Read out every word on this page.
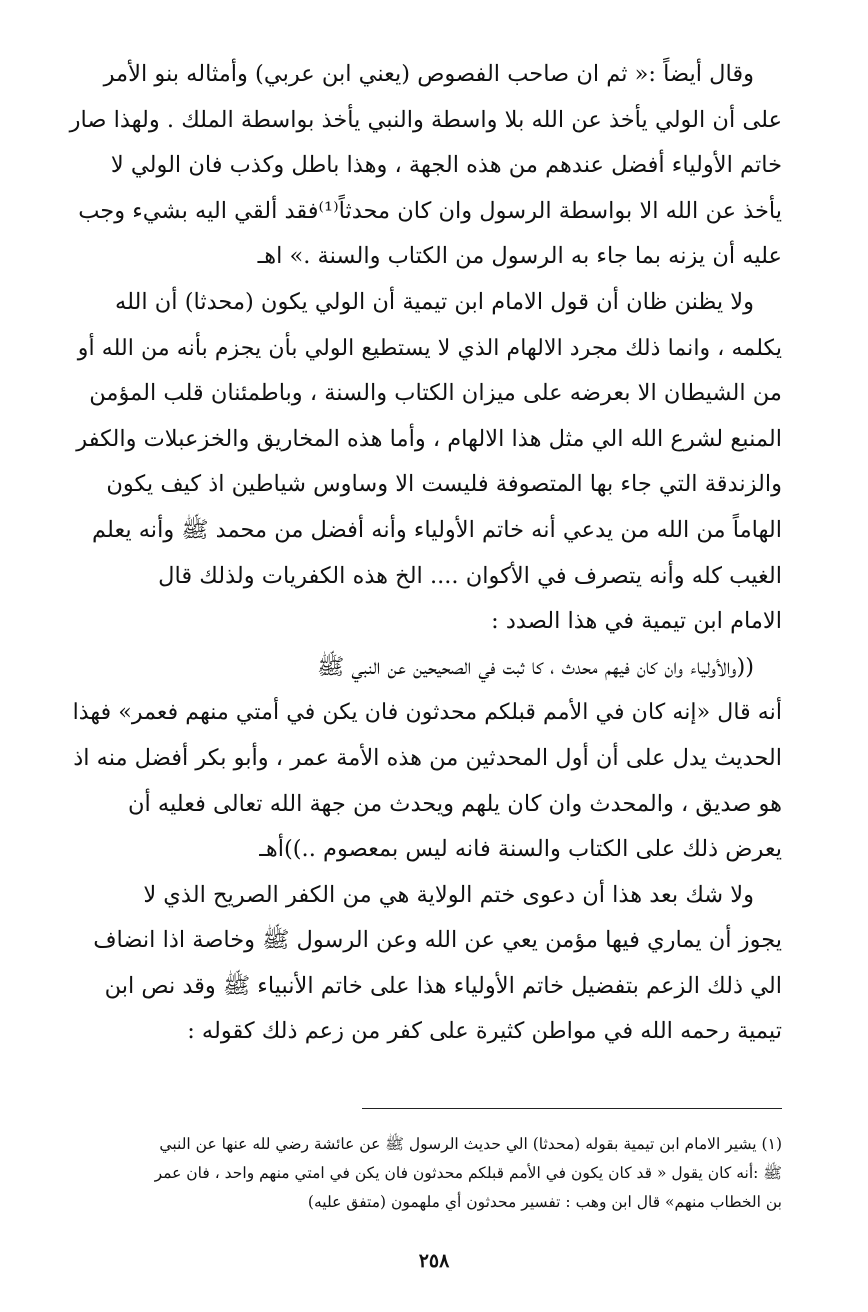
وقال أيضاً :« ثم ان صاحب الفصوص (يعني ابن عربي) وأمثاله بنو الأمر
على أن الولي يأخذ عن الله بلا واسطة والنبي يأخذ بواسطة الملك . ولهذا صار
خاتم الأولياء أفضل عندهم من هذه الجهة ، وهذا باطل وكذب فان الولي لا
يأخذ عن الله الا بواسطة الرسول وان كان محدثاً⁽¹⁾فقد ألقي اليه بشيء وجب
عليه أن يزنه بما جاء به الرسول من الكتاب والسنة .» اهـ
ولا يظنن ظان أن قول الامام ابن تيمية أن الولي يكون (محدثا) أن الله
يكلمه ، وانما ذلك مجرد الالهام الذي لا يستطيع الولي بأن يجزم بأنه من الله أو
من الشيطان الا بعرضه على ميزان الكتاب والسنة ، وباطمئنان قلب المؤمن
المنبع لشرع الله الي مثل هذا الالهام ، وأما هذه المخاريق والخزعبلات والكفر
والزندقة التي جاء بها المتصوفة فليست الا وساوس شياطين اذ كيف يكون
الهاماً من الله من يدعي أنه خاتم الأولياء وأنه أفضل من محمد ﷺ وأنه يعلم
الغيب كله وأنه يتصرف في الأكوان .... الخ هذه الكفريات ولذلك قال
الامام ابن تيمية في هذا الصدد :
((والأولياء وان كان فيهم محدث ، كا ثبت في الصحيحين عن النبي ﷺ
أنه قال «إنه كان في الأمم قبلكم محدثون فان يكن في أمتي منهم فعمر» فهذا
الحديث يدل على أن أول المحدثين من هذه الأمة عمر ، وأبو بكر أفضل منه اذ
هو صديق ، والمحدث وان كان يلهم ويحدث من جهة الله تعالى فعليه أن
يعرض ذلك على الكتاب والسنة فانه ليس بمعصوم ..))أهـ
ولا شك بعد هذا أن دعوى ختم الولاية هي من الكفر الصريح الذي لا
يجوز أن يماري فيها مؤمن يعي عن الله وعن الرسول ﷺ وخاصة اذا انضاف
الي ذلك الزعم بتفضيل خاتم الأولياء هذا على خاتم الأنبياء ﷺ وقد نص ابن
تيمية رحمه الله في مواطن كثيرة على كفر من زعم ذلك كقوله :
(١) يشير الامام ابن تيمية بقوله (محدثا) الي حديث الرسول ﷺ عن عائشة رضي لله عنها عن النبي
ﷺ :أنه كان يقول « قد كان يكون في الأمم قبلكم محدثون فان يكن في امتي منهم واحد ، فان عمر
بن الخطاب منهم» قال ابن وهب : تفسير محدثون أي ملهمون (متفق عليه)
٢٥٨
